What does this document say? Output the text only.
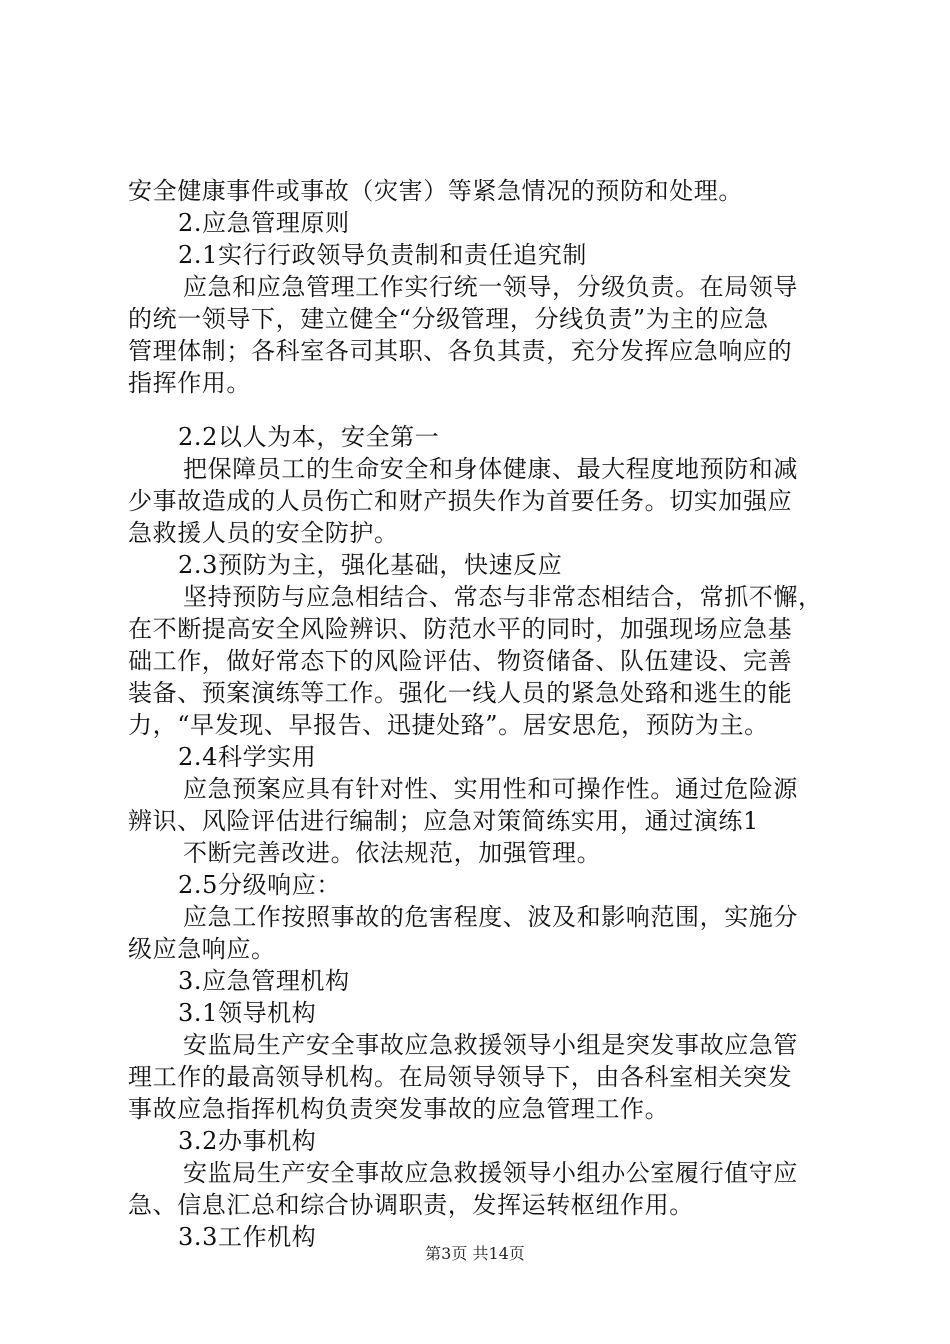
安全健康事件或事故（灾害）等紧急情况的预防和处理。
2.应急管理原则
2.1实行行政领导负责制和责任追究制
应急和应急管理工作实行统一领导，分级负责。在局领导
的统一领导下，建立健全“分级管理，分线负责”为主的应急
管理体制；各科室各司其职、各负其责，充分发挥应急响应的
指挥作用。
2.2以人为本，安全第一
把保障员工的生命安全和身体健康、最大程度地预防和减
少事故造成的人员伤亡和财产损失作为首要任务。切实加强应
急救援人员的安全防护。
2.3预防为主，强化基础，快速反应
坚持预防与应急相结合、常态与非常态相结合，常抓不懈，
在不断提高安全风险辨识、防范水平的同时，加强现场应急基
础工作，做好常态下的风险评估、物资储备、队伍建设、完善
装备、预案演练等工作。强化一线人员的紧急处臵和逃生的能
力，“早发现、早报告、迅捷处臵”。居安思危，预防为主。
2.4科学实用
应急预案应具有针对性、实用性和可操作性。通过危险源
辨识、风险评估进行编制；应急对策简练实用，通过演练1
不断完善改进。依法规范，加强管理。
2.5分级响应：
应急工作按照事故的危害程度、波及和影响范围，实施分
级应急响应。
3.应急管理机构
3.1领导机构
安监局生产安全事故应急救援领导小组是突发事故应急管
理工作的最高领导机构。在局领导领导下，由各科室相关突发
事故应急指挥机构负责突发事故的应急管理工作。
3.2办事机构
安监局生产安全事故应急救援领导小组办公室履行值守应
急、信息汇总和综合协调职责，发挥运转枢纽作用。
3.3工作机构
第3页 共14页
